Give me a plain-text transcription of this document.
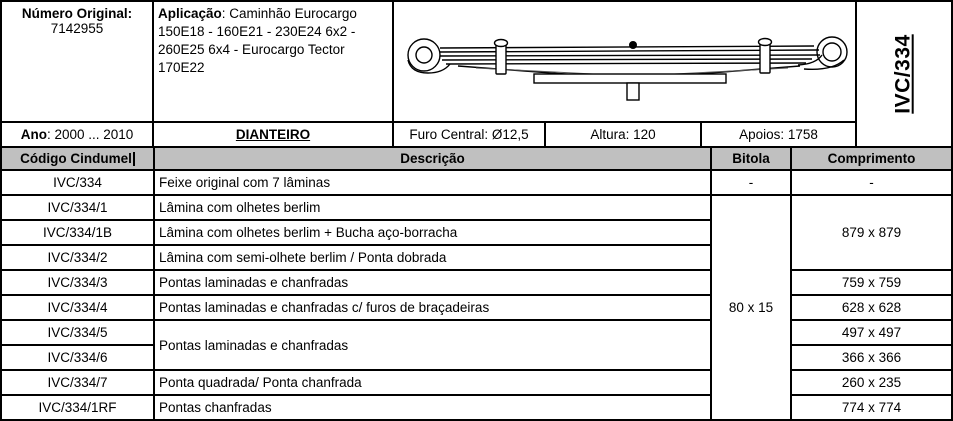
Número Original:
7142955
Aplicação: Caminhão Eurocargo 150E18 - 160E21 - 230E24 6x2 - 260E25 6x4 - Eurocargo Tector 170E22	IVC/334
Ano: 2000 ... 2010	DIANTEIRO	Furo Central: Ø12,5	Altura: 120	Apoios: 1758
Código Cindumel	Descrição	Bitola	Comprimento
IVC/334	Feixe original com 7 lâminas	-	-
IVC/334/1	Lâmina com olhetes berlim	80 x 15	879 x 879
IVC/334/1B	Lâmina com olhetes berlim + Bucha aço-borracha		
IVC/334/2	Lâmina com semi-olhete berlim / Ponta dobrada		
IVC/334/3	Pontas laminadas e chanfradas		759 x 759
IVC/334/4	Pontas laminadas e chanfradas c/ furos de braçadeiras		628 x 628
IVC/334/5	Pontas laminadas e chanfradas		497 x 497
IVC/334/6			366 x 366
IVC/334/7	Ponta quadrada/ Ponta chanfrada		260 x 235
IVC/334/1RF	Pontas chanfradas		774 x 774
